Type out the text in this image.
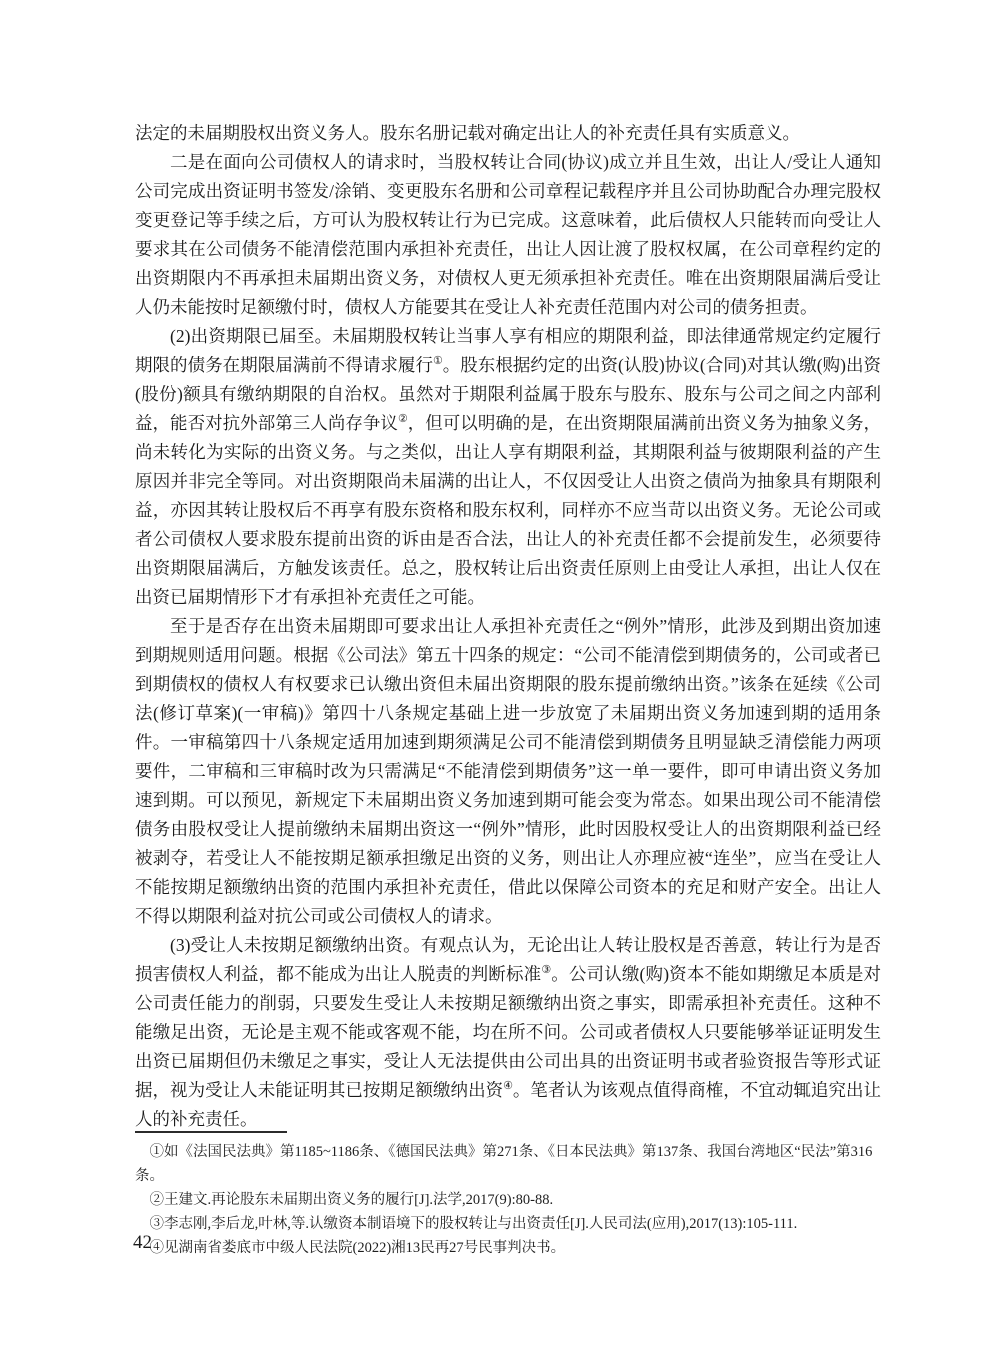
法定的未届期股权出资义务人。股东名册记载对确定出让人的补充责任具有实质意义。

二是在面向公司债权人的请求时，当股权转让合同(协议)成立并且生效，出让人/受让人通知公司完成出资证明书签发/涂销、变更股东名册和公司章程记载程序并且公司协助配合办理完股权变更登记等手续之后，方可认为股权转让行为已完成。这意味着，此后债权人只能转而向受让人要求其在公司债务不能清偿范围内承担补充责任，出让人因让渡了股权权属，在公司章程约定的出资期限内不再承担未届期出资义务，对债权人更无须承担补充责任。唯在出资期限届满后受让人仍未能按时足额缴付时，债权人方能要其在受让人补充责任范围内对公司的债务担责。

(2)出资期限已届至。未届期股权转让当事人享有相应的期限利益，即法律通常规定约定履行期限的债务在期限届满前不得请求履行①。股东根据约定的出资(认股)协议(合同)对其认缴(购)出资(股份)额具有缴纳期限的自治权。虽然对于期限利益属于股东与股东、股东与公司之间之内部利益，能否对抗外部第三人尚存争议②，但可以明确的是，在出资期限届满前出资义务为抽象义务，尚未转化为实际的出资义务。与之类似，出让人享有期限利益，其期限利益与彼期限利益的产生原因并非完全等同。对出资期限尚未届满的出让人，不仅因受让人出资之债尚为抽象具有期限利益，亦因其转让股权后不再享有股东资格和股东权利，同样亦不应当苛以出资义务。无论公司或者公司债权人要求股东提前出资的诉由是否合法，出让人的补充责任都不会提前发生，必须要待出资期限届满后，方触发该责任。总之，股权转让后出资责任原则上由受让人承担，出让人仅在出资已届期情形下才有承担补充责任之可能。

至于是否存在出资未届期即可要求出让人承担补充责任之“例外”情形，此涉及到期出资加速到期规则适用问题。根据《公司法》第五十四条的规定：“公司不能清偿到期债务的，公司或者已到期债权的债权人有权要求已认缴出资但未届出资期限的股东提前缴纳出资。”该条在延续《公司法(修订草案)(一审稿)》第四十八条规定基础上进一步放宽了未届期出资义务加速到期的适用条件。一审稿第四十八条规定适用加速到期须满足公司不能清偿到期债务且明显缺乏清偿能力两项要件，二审稿和三审稿时改为只需满足“不能清偿到期债务”这一单一要件，即可申请出资义务加速到期。可以预见，新规定下未届期出资义务加速到期可能会变为常态。如果出现公司不能清偿债务由股权受让人提前缴纳未届期出资这一“例外”情形，此时因股权受让人的出资期限利益已经被剥夺，若受让人不能按期足额承担缴足出资的义务，则出让人亦理应被“连坐”，应当在受让人不能按期足额缴纳出资的范围内承担补充责任，借此以保障公司资本的充足和财产安全。出让人不得以期限利益对抗公司或公司债权人的请求。

(3)受让人未按期足额缴纳出资。有观点认为，无论出让人转让股权是否善意，转让行为是否损害债权人利益，都不能成为出让人脱责的判断标准③。公司认缴(购)资本不能如期缴足本质是对公司责任能力的削弱，只要发生受让人未按期足额缴纳出资之事实，即需承担补充责任。这种不能缴足出资，无论是主观不能或客观不能，均在所不问。公司或者债权人只要能够举证证明发生出资已届期但仍未缴足之事实，受让人无法提供由公司出具的出资证明书或者验资报告等形式证据，视为受让人未能证明其已按期足额缴纳出资④。笔者认为该观点值得商榷，不宜动辄追究出让人的补充责任。

①如《法国民法典》第1185~1186条、《德国民法典》第271条、《日本民法典》第137条、我国台湾地区“民法”第316条。

②王建文.再论股东未届期出资义务的履行[J].法学,2017(9):80-88.

③李志刚,李后龙,叶林,等.认缴资本制语境下的股权转让与出资责任[J].人民司法(应用),2017(13):105-111.

④见湖南省娄底市中级人民法院(2022)湘13民再27号民事判决书。

42
